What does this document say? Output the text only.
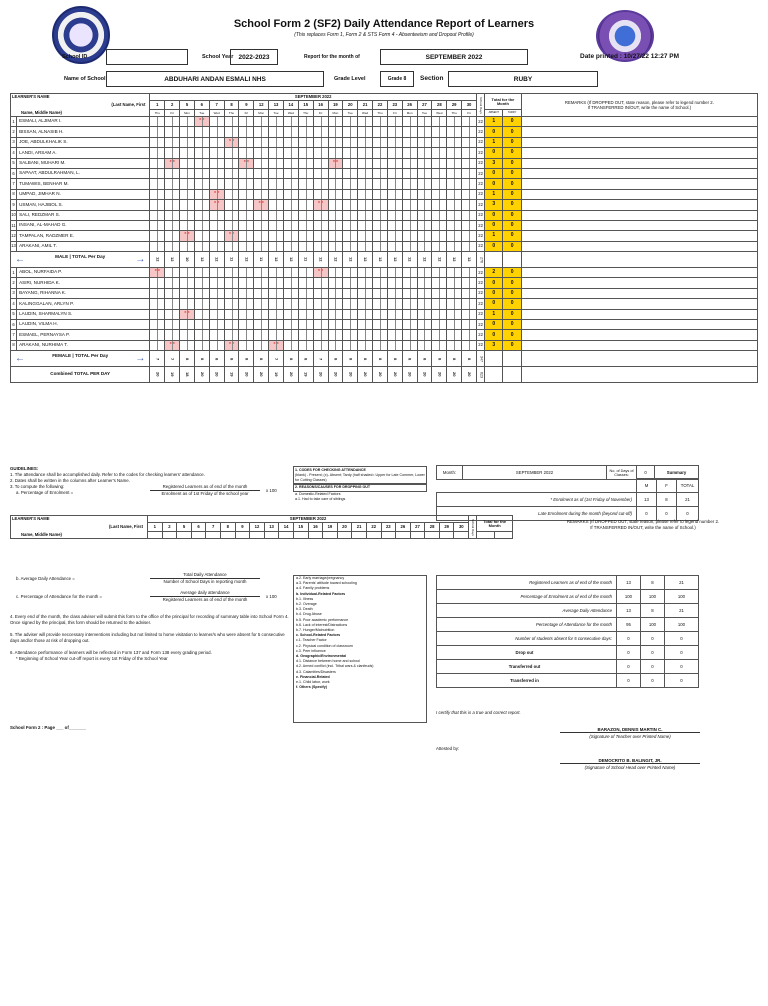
School Form 2 (SF2) Daily Attendance Report of Learners
(This replaces Form 1, Form 2 & STS Form 4 - Absenteeism and Dropout Profile)
School ID	School Year 2022-2023	Report for the month of	SEPTEMBER 2022	Date printed : 10/27/22 12:27 PM
Name of School	ABDUHARI ANDAN ESMALI NHS	Grade Level	Grade 8	Section	RUBY
LEARNER'S NAME		SEPTEMBER 2022																						School Days	Total for the Month		REMARKS (If DROPPED OUT, state reason, please refer to legend number 2.
If TRANSFERRED IN/OUT, write the name of School.)

(Last Name, First		1	2	5	6	7	8	9	12	13	14	15	16	19	20	21	22	23	26	27	28	29	30				
Name, Middle Name)		Thu	Fri	Mon	Tue	Wed	Thu	Fri	Mon	Tue	Wed	Thu	Fri	Mon	Tue	Wed	Thu	Fri	Mon	Tue	Wed	Thu	Fri		ABSENT	TARDY	
1	ESMALI, ALJIMAR I.				x x																			22	1	0	
2	BISSAN, ALNASIB H.																							22	0	0	
3	JOE, ABDULKHALIK S.						x x																	22	1	0	
4	LANDI, ARSAM A.																							22	0	0	
5	SALBANI, MUHARI M.		x x					x x						x x										22	3	0	
6	SAPAAT, ABDULRAHMAN, L.																							22	0	0	
7	TUMAWIS, BENHAR M.																							22	0	0	
8	UMPAD, JIMHAR N.					x x																		22	1	0	
9	USMAN, HAJIBOL S.					x x			x x				x x											22	3	0	
10	SALI, REDZMAR S.																							22	0	0	
11	INSANI, AL-MAHAD G.																							22	0	0	
12	TAMPALAN, RADZMER E.			x x			x x																	22	1	0	
13	ARAKANI, AMIL T.																							22	0	0	

← MALE | TOTAL Per Day →		12	12	10	12	12	11	12	11	12	12	11	12	12	12	12	12	12	12	12	12	12	12	276			
1	ABOL, NURFAIDA P.	x x											x x											22	2	0	
2	ASIRI, NURHIDA K.																							22	0	0	
3	BAYANG, RIHANNA K.																							22	0	0	
4	KALINGGALAN, ARLYN P.																							22	0	0	
5	LAUDIN, SHARMALYN S.			x x																				22	1	0	
6	LAUDIN, VILMA H.																							22	0	0	
7	ESMAEL, PERNAYSA P.																							22	0	0	
8	ARAKANI, NURHIMA T.		x x				x x			x x														22	3	0	

← FEMALE | TOTAL Per Day →		7	7	8	8	8	8	8	8	7	8	8	7	8	8	8	8	8	8	8	8	8	8	347			
Combined TOTAL PER DAY		20	19	18	20	20	19	20	20	19	20	19	20	20	20	20	20	20	20	20	20	20	20	623			
GUIDELINES:
1. The attendance shall be accomplished daily. Refer to the codes for checking learners' attendance.
2. Dates shall be written in the columns after Learner's Name.
3. To compute the following:
a. Percentage of Enrolment =
Registered Learners as of end of the month
Enrolment as of 1st Friday of the school year
x 100
1. CODES FOR CHECKING ATTENDANCE
(blank) - Present; (x)- Absent; Tardy (half shaded= Upper for Late Commer, Lower for Cutting Classes)
2. REASONS/CAUSES FOR DROPPING OUT
a. Domestic-Related Factors
a.1. Had to take care of siblings
Month:	SEPTEMBER 2022	No. of Days of Classes:	0	Summary

	M	F	TOTAL
* Enrolment as of (1st Friday of November)	13	8	21
Late Enrolment during the month (beyond cut-off)	0	0	0
LEARNER'S NAME	SEPTEMBER 2022																						School Days	Total for the Month	
(Last Name, First	1	2	5	6	7	8	9	12	13	14	15	16	19	20	21	22	23	26	27	28	29	30			
Name, Middle Name)																									
REMARKS (If DROPPED OUT, state reason, please refer to legend number 2.
If TRANSFERRED IN/OUT, write the name of School.)
b. Average Daily Attendance =
Total Daily Attendance
Number of School Days in reporting month
c. Percentage of Attendance for the month =
Average daily attendance
Registered Learners as of end of the month
x 100
4. Every end of the month, the class adviser will submit this form to the office of the principal for recording of summary table into School Form 4. Once signed by the principal, this form should be returned to the adviser.
5. The adviser will provide neccessary interventions including but not limited to home visitation to learner/s who were absent for 5 consecutive days and/or those at risk of dropping out.
6. Attendance performance of learners will be reflected in Form 137 and Form 138 every grading period.
* Beginning of School Year cut-off report is every 1st Friday of the School Year
School Form 2 : Page ___ of_______
a.2. Early marriage/pregnancy
a.3. Parents' attitude toward schooling
a.4. Family problems
b. Individual-Related Factors
b.1. Illness
b.2. Overage
b.3. Death
b.4. Drug Abuse
b.5. Poor academic performance
b.6. Lack of interest/Distractions
b.7. Hunger/Malnutrition
c. School-Related Factors
c.1. Teacher Factor
c.2. Physical condition of classroom
c.3. Peer influence
d. Geographic/Environmental
d.1. Distance between home and school
d.2. Armed conflict (incl. Tribal wars & clanfeuds)
d.3. Calamities/Disasters
e. Financial-Related
e.1. Child labor, work
f. Others (Specify)
Registered Learners as of end of the month	13	8	21
Percentage of Enrolment as of end of the month	100	100	100
Average Daily Attendance	13	8	21
Percentage of Attendance for the month	95	100	100
Number of students absent for 5 consecutive days:	0	0	0
Drop out	0	0	0
Transferred out	0	0	0
Transferred in	0	0	0
I certify that this is a true and correct report.
BARAZON, DENNIS MARTIN C.
(Signature of Teacher over Printed Name)
Attested by:
DEMOCRITO B. BALINGIT, JR.
(Signature of School Head over Printed Name)
